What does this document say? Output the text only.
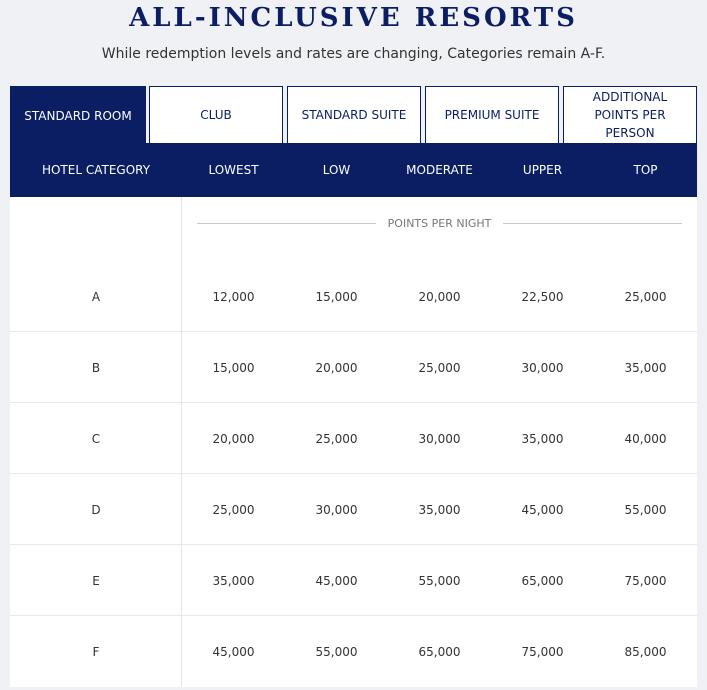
ALL-INCLUSIVE RESORTS
While redemption levels and rates are changing, Categories remain A-F.
STANDARD ROOM	CLUB	STANDARD SUITE	PREMIUM SUITE
ADDITIONAL POINTS PER PERSON
HOTEL CATEGORY	LOWEST	LOW	MODERATE	UPPER	TOP
POINTS PER NIGHT
A	12,000	15,000	20,000	22,500	25,000
B	15,000	20,000	25,000	30,000	35,000
C	20,000	25,000	30,000	35,000	40,000
D	25,000	30,000	35,000	45,000	55,000
E	35,000	45,000	55,000	65,000	75,000
F	45,000	55,000	65,000	75,000	85,000
